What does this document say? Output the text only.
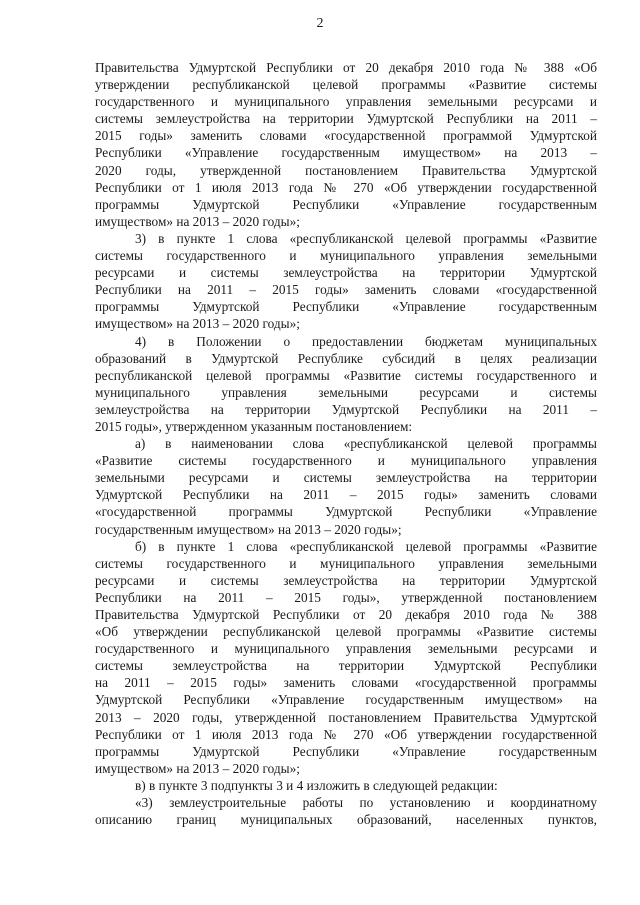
2
Правительства Удмуртской Республики от 20 декабря 2010 года № 388 «Об
утверждении республиканской целевой программы «Развитие системы
государственного и муниципального управления земельными ресурсами и
системы землеустройства на территории Удмуртской Республики на 2011 –
2015 годы» заменить словами «государственной программой Удмуртской
Республики «Управление государственным имуществом» на 2013 –
2020 годы, утвержденной постановлением Правительства Удмуртской
Республики от 1 июля 2013 года № 270 «Об утверждении государственной
программы Удмуртской Республики «Управление государственным
имуществом» на 2013 – 2020 годы»;
3) в пункте 1 слова «республиканской целевой программы «Развитие
системы государственного и муниципального управления земельными
ресурсами и системы землеустройства на территории Удмуртской
Республики на 2011 – 2015 годы» заменить словами «государственной
программы Удмуртской Республики «Управление государственным
имуществом» на 2013 – 2020 годы»;
4) в Положении о предоставлении бюджетам муниципальных
образований в Удмуртской Республике субсидий в целях реализации
республиканской целевой программы «Развитие системы государственного и
муниципального управления земельными ресурсами и системы
землеустройства на территории Удмуртской Республики на 2011 –
2015 годы», утвержденном указанным постановлением:
а) в наименовании слова «республиканской целевой программы
«Развитие системы государственного и муниципального управления
земельными ресурсами и системы землеустройства на территории
Удмуртской Республики на 2011 – 2015 годы» заменить словами
«государственной программы Удмуртской Республики «Управление
государственным имуществом» на 2013 – 2020 годы»;
б) в пункте 1 слова «республиканской целевой программы «Развитие
системы государственного и муниципального управления земельными
ресурсами и системы землеустройства на территории Удмуртской
Республики на 2011 – 2015 годы», утвержденной постановлением
Правительства Удмуртской Республики от 20 декабря 2010 года № 388
«Об утверждении республиканской целевой программы «Развитие системы
государственного и муниципального управления земельными ресурсами и
системы землеустройства на территории Удмуртской Республики
на 2011 – 2015 годы» заменить словами «государственной программы
Удмуртской Республики «Управление государственным имуществом» на
2013 – 2020 годы, утвержденной постановлением Правительства Удмуртской
Республики от 1 июля 2013 года № 270 «Об утверждении государственной
программы Удмуртской Республики «Управление государственным
имуществом» на 2013 – 2020 годы»;
в) в пункте 3 подпункты 3 и 4 изложить в следующей редакции:
«3) землеустроительные работы по установлению и координатному
описанию границ муниципальных образований, населенных пунктов,
